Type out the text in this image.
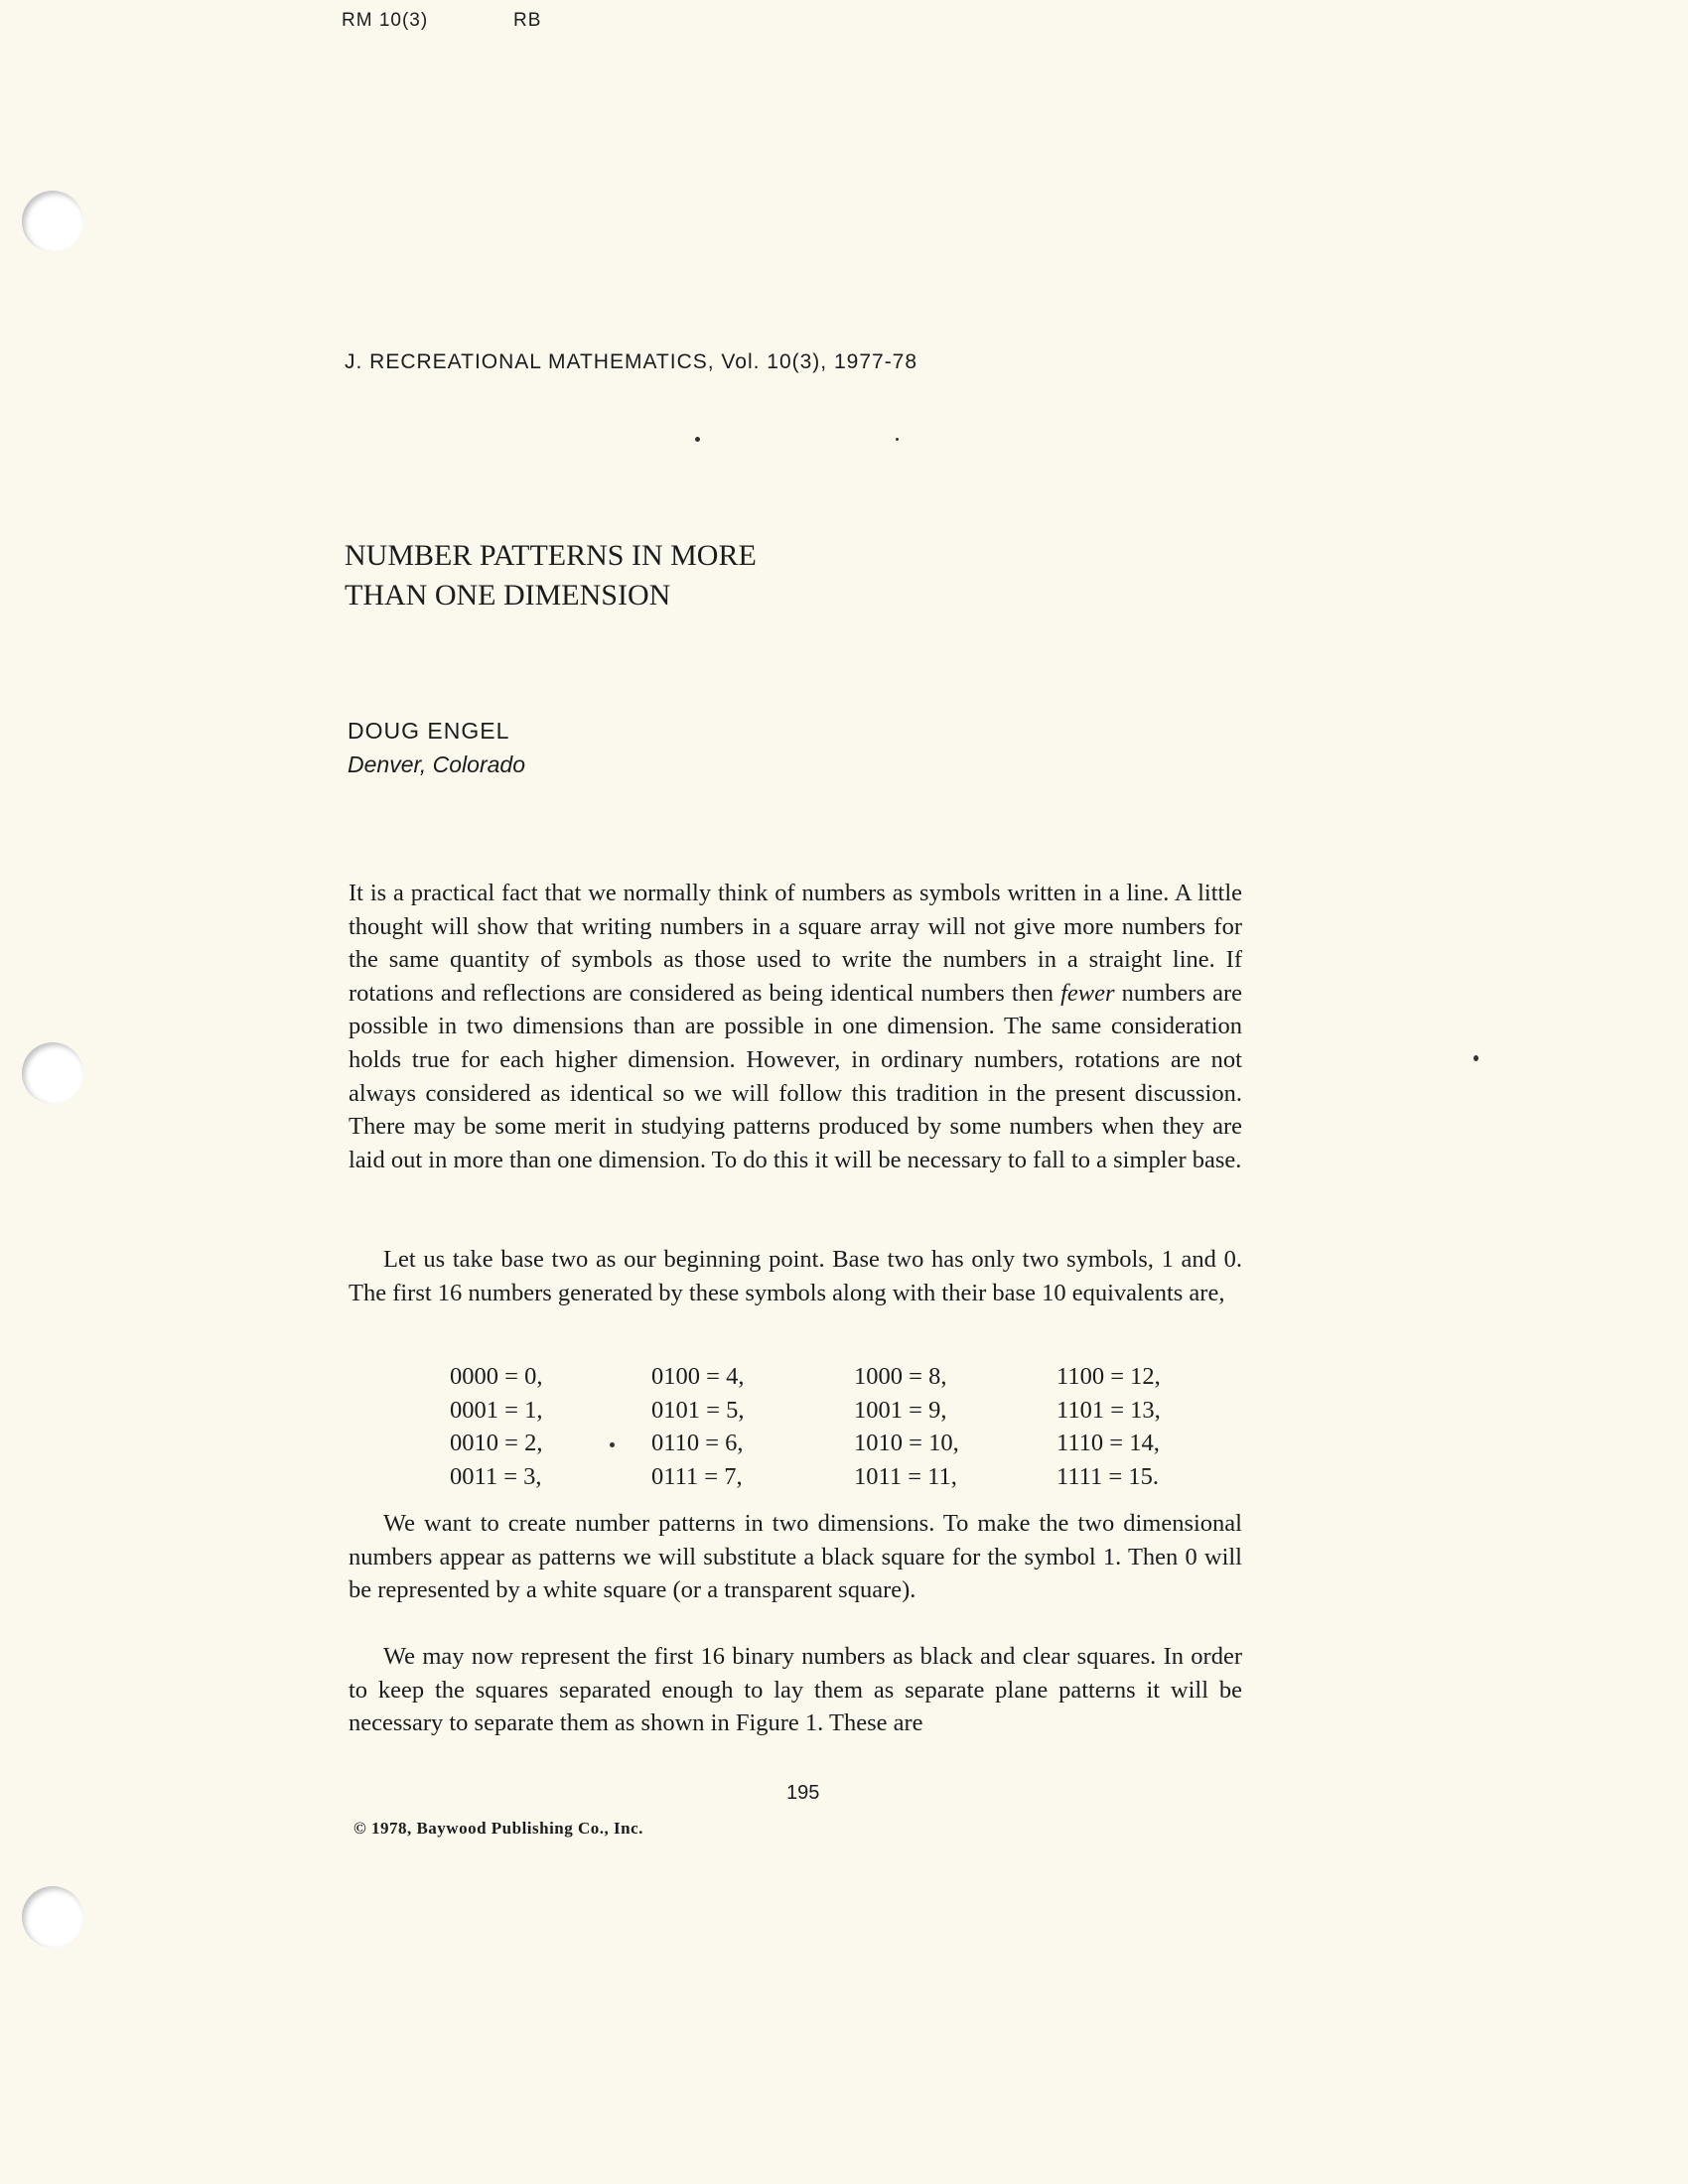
RM 10(3)	RB
J. RECREATIONAL MATHEMATICS, Vol. 10(3), 1977-78
NUMBER PATTERNS IN MORE
THAN ONE DIMENSION
DOUG ENGEL
Denver, Colorado

It is a practical fact that we normally think of numbers as symbols written in a line. A little thought will show that writing numbers in a square array will not give more numbers for the same quantity of symbols as those used to write the numbers in a straight line. If rotations and reflections are considered as being identical numbers then fewer numbers are possible in two dimensions than are possible in one dimension. The same consideration holds true for each higher dimension. However, in ordinary numbers, rotations are not always considered as identical so we will follow this tradition in the present discussion. There may be some merit in studying patterns produced by some numbers when they are laid out in more than one dimension. To do this it will be necessary to fall to a simpler base.

Let us take base two as our beginning point. Base two has only two symbols, 1 and 0. The first 16 numbers generated by these symbols along with their base 10 equivalents are,

0000 = 0,
0001 = 1,
0010 = 2,
0011 = 3,
0100 = 4,
0101 = 5,
0110 = 6,
0111 = 7,
1000 = 8,
1001 = 9,
1010 = 10,
1011 = 11,
1100 = 12,
1101 = 13,
1110 = 14,
1111 = 15.

We want to create number patterns in two dimensions. To make the two dimensional numbers appear as patterns we will substitute a black square for the symbol 1. Then 0 will be represented by a white square (or a transparent square).

We may now represent the first 16 binary numbers as black and clear squares. In order to keep the squares separated enough to lay them as separate plane patterns it will be necessary to separate them as shown in Figure 1. These are

195
© 1978, Baywood Publishing Co., Inc.
